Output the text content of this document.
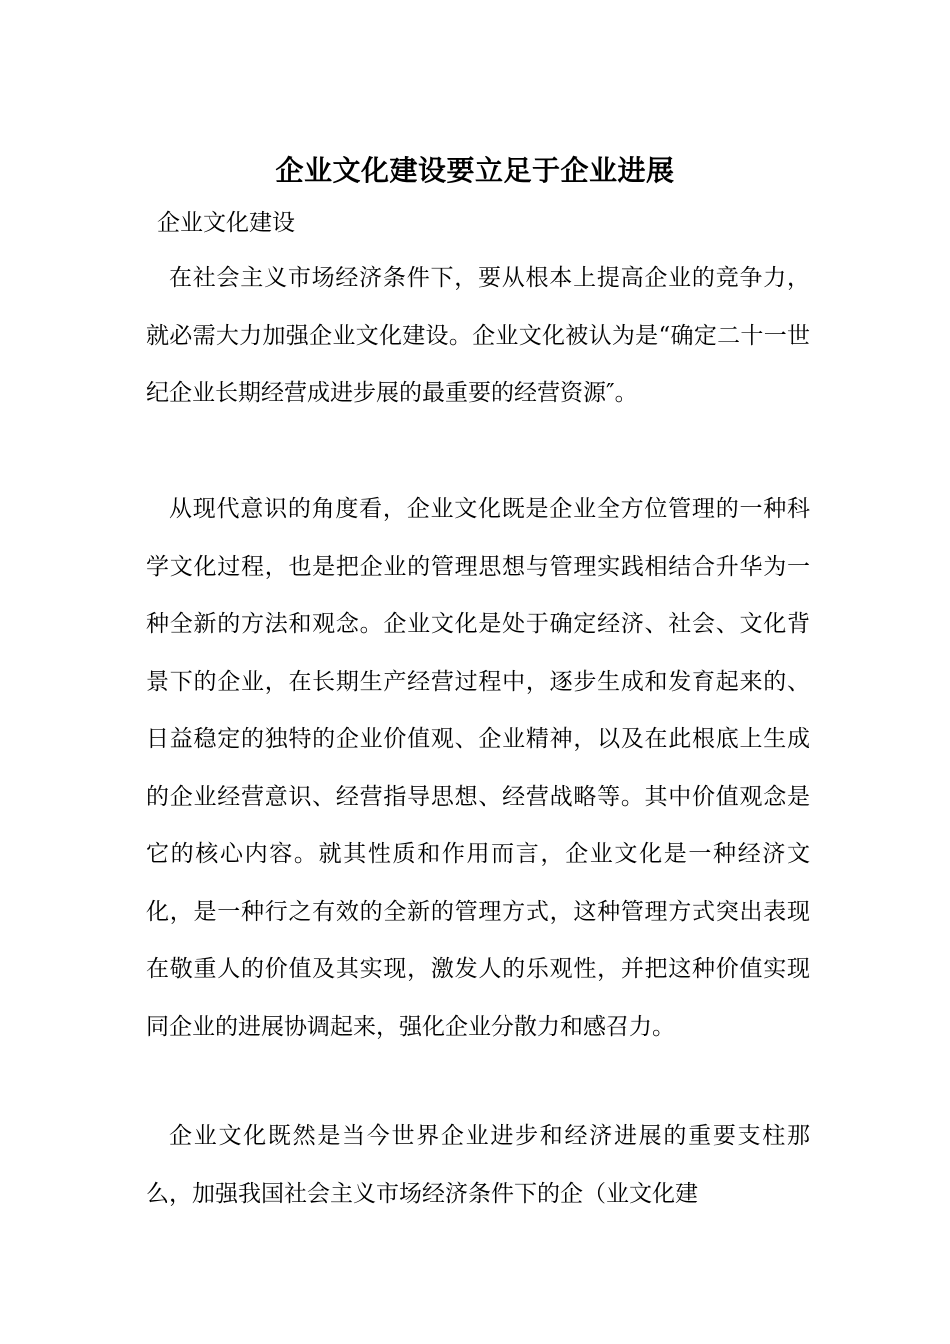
企业文化建设要立足于企业进展
企业文化建设

在社会主义市场经济条件下，要从根本上提高企业的竞争力，就必需大力加强企业文化建设。企业文化被认为是“确定二十一世纪企业长期经营成进步展的最重要的经营资源″。

从现代意识的角度看，企业文化既是企业全方位管理的一种科学文化过程，也是把企业的管理思想与管理实践相结合升华为一种全新的方法和观念。企业文化是处于确定经济、社会、文化背景下的企业，在长期生产经营过程中，逐步生成和发育起来的、日益稳定的独特的企业价值观、企业精神，以及在此根底上生成的企业经营意识、经营指导思想、经营战略等。其中价值观念是它的核心内容。就其性质和作用而言，企业文化是一种经济文化，是一种行之有效的全新的管理方式，这种管理方式突出表现在敬重人的价值及其实现，激发人的乐观性，并把这种价值实现同企业的进展协调起来，强化企业分散力和感召力。

企业文化既然是当今世界企业进步和经济进展的重要支柱那么，加强我国社会主义市场经济条件下的企（业文化建
